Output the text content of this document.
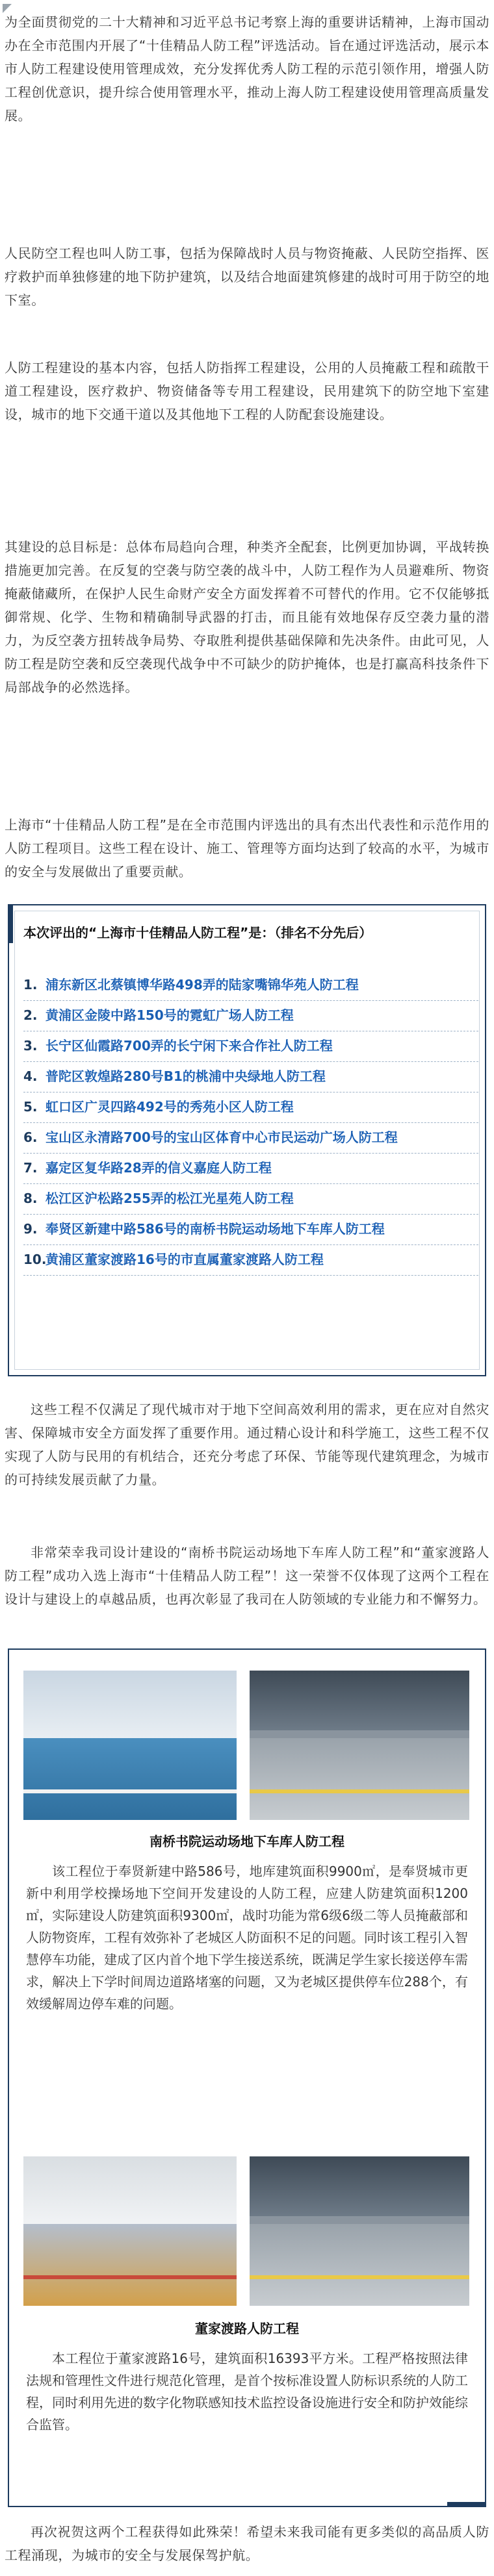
为全面贯彻党的二十大精神和习近平总书记考察上海的重要讲话精神，上海市国动办在全市范围内开展了“十佳精品人防工程”评选活动。旨在通过评选活动，展示本市人防工程建设使用管理成效，充分发挥优秀人防工程的示范引领作用，增强人防工程创优意识，提升综合使用管理水平，推动上海人防工程建设使用管理高质量发展。

人民防空工程也叫人防工事，包括为保障战时人员与物资掩蔽、人民防空指挥、医疗救护而单独修建的地下防护建筑，以及结合地面建筑修建的战时可用于防空的地下室。

人防工程建设的基本内容，包括人防指挥工程建设，公用的人员掩蔽工程和疏散干道工程建设，医疗救护、物资储备等专用工程建设，民用建筑下的防空地下室建设，城市的地下交通干道以及其他地下工程的人防配套设施建设。

其建设的总目标是：总体布局趋向合理，种类齐全配套，比例更加协调，平战转换措施更加完善。在反复的空袭与防空袭的战斗中，人防工程作为人员避难所、物资掩蔽储藏所，在保护人民生命财产安全方面发挥着不可替代的作用。它不仅能够抵御常规、化学、生物和精确制导武器的打击，而且能有效地保存反空袭力量的潜力，为反空袭方扭转战争局势、夺取胜利提供基础保障和先决条件。由此可见，人防工程是防空袭和反空袭现代战争中不可缺少的防护掩体，也是打赢高科技条件下局部战争的必然选择。

上海市“十佳精品人防工程”是在全市范围内评选出的具有杰出代表性和示范作用的人防工程项目。这些工程在设计、施工、管理等方面均达到了较高的水平，为城市的安全与发展做出了重要贡献。

本次评出的“上海市十佳精品人防工程”是：（排名不分先后）
1. 浦东新区北蔡镇博华路498弄的陆家嘴锦华苑人防工程
2. 黄浦区金陵中路150号的霓虹广场人防工程
3. 长宁区仙霞路700弄的长宁闲下来合作社人防工程
4. 普陀区敦煌路280号B1的桃浦中央绿地人防工程
5. 虹口区广灵四路492号的秀苑小区人防工程
6. 宝山区永清路700号的宝山区体育中心市民运动广场人防工程
7. 嘉定区复华路28弄的信义嘉庭人防工程
8. 松江区沪松路255弄的松江光星苑人防工程
9. 奉贤区新建中路586号的南桥书院运动场地下车库人防工程
10.
黄浦区董家渡路16号的市直属董家渡路人防工程

这些工程不仅满足了现代城市对于地下空间高效利用的需求，更在应对自然灾害、保障城市安全方面发挥了重要作用。通过精心设计和科学施工，这些工程不仅实现了人防与民用的有机结合，还充分考虑了环保、节能等现代建筑理念，为城市的可持续发展贡献了力量。

非常荣幸我司设计建设的“南桥书院运动场地下车库人防工程”和“董家渡路人防工程”成功入选上海市“十佳精品人防工程”！这一荣誉不仅体现了这两个工程在设计与建设上的卓越品质，也再次彰显了我司在人防领域的专业能力和不懈努力。

南桥书院运动场地下车库人防工程
该工程位于奉贤新建中路586号，地库建筑面积9900㎡，是奉贤城市更新中利用学校操场地下空间开发建设的人防工程，应建人防建筑面积1200㎡，实际建设人防建筑面积9300㎡，战时功能为常6级6级二等人员掩蔽部和人防物资库，工程有效弥补了老城区人防面积不足的问题。同时该工程引入智慧停车功能，建成了区内首个地下学生接送系统，既满足学生家长接送停车需求，解决上下学时间周边道路堵塞的问题，又为老城区提供停车位288个，有效缓解周边停车难的问题。
董家渡路人防工程
本工程位于董家渡路16号，建筑面积16393平方米。工程严格按照法律法规和管理性文件进行规范化管理，是首个按标准设置人防标识系统的人防工程，同时利用先进的数字化物联感知技术监控设备设施进行安全和防护效能综合监管。

再次祝贺这两个工程获得如此殊荣！希望未来我司能有更多类似的高品质人防工程涌现，为城市的安全与发展保驾护航。
